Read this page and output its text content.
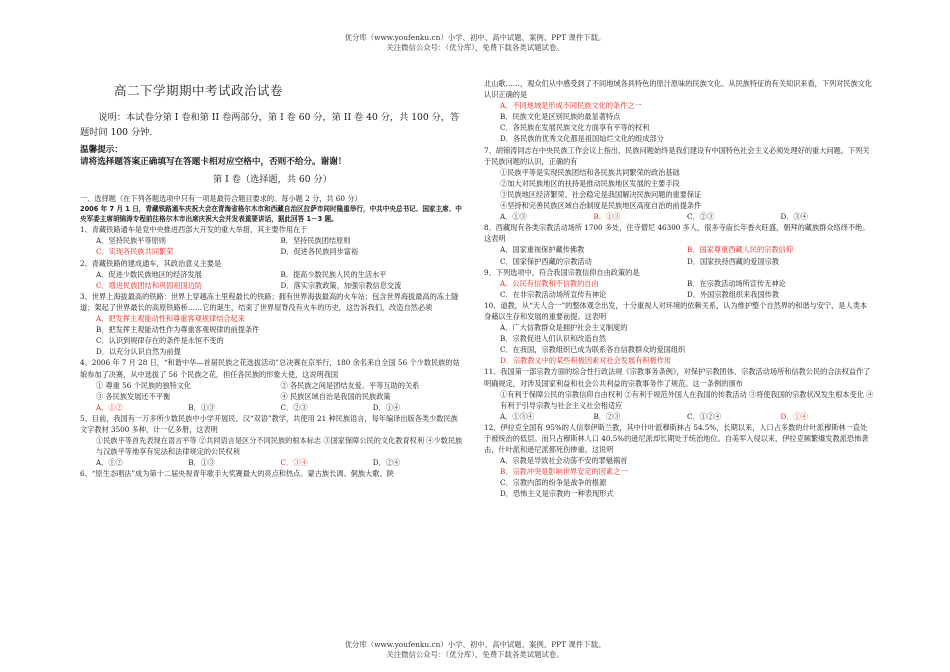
优分库（www.youfenku.cn）小学、初中、高中试题、案例、PPT 课件下载。
关注微信公众号：（优分库），免费下载各类试题试卷。
高二下学期期中考试政治试卷
说明：本试卷分第 I 卷和第 II 卷两部分，第 I 卷 60 分，第 II 卷 40 分，共 100 分，答题时间 100 分钟.
温馨提示：
请将选择题答案正确填写在答题卡相对应空格中，否则不给分。谢谢！
第 I 卷（选择题，共 60 分）
一、选择题（在下列各题选项中只有一项是最符合题目要求的。每小题 2 分，共 60 分）
2006 年 7 月 1 日，青藏铁路通车庆祝大会在青海省格尔木市和西藏自治区拉萨市同时隆重举行，中共中央总书记、国家主席、中央军委主席胡锦涛专程前往格尔木市出席庆祝大会并发表重要讲话，据此回答 1－3 题。
1、青藏铁路通车是党中央推进西部大开发的重大举措，其主要作用在于
A．坚持民族平等原则	B．坚持民族团结原则
C．实现各民族共同繁荣	D．促进各民族同步富裕
2、青藏铁路的建成通车，其政治意义主要是
A．促进少数民族地区的经济发展	B．提高少数民族人民的生活水平
C．增进民族团结和巩固祖国边防	D．落实宗教政策，加强宗教信息交流
3、世界上海拔最高的铁路：世界上穿越冻土里程最长的铁路；拥有世界海拔最高的火车站；包含世界海拔最高的冻土隧道；架起了世界最长的高原铁路桥……它的诞生，结束了世界屋脊没有火车的历史，这告诉我们，改造自然必须
A．把发挥主观能动性和尊重客观规律结合起来
B．把发挥主观能动性作为尊重客观规律的前提条件
C．认识到规律存在的条件是永恒不变的
D．以充分认识自然为前提
4、2006 年 7 月 28 日，“和谐中华—首届民族之花选拔活动”总决赛在京举行，180 余名来自全国 56 个少数民族的姑娘参加了决赛，从中选拔了 56 个民族之花，担任各民族的形象大使，这说明我国
① 尊重 56 个民族的独特文化	② 各民族之间是团结友爱、平等互助的关系
③ 各民族发展还不平衡	④ 民族区域自治是我国的民族政策
A．①②	B．①③	C．②③	D．①④
5、目前，我国有一万多所少数民族中小学开展民、汉“双语”教学，共使用 21 种民族语言，每年编译出版各类少数民族文字教材 3500 多种，计一亿多册，这表明
①民族平等首先表现在语言平等 ②共同语言是区分不同民族的根本标志 ③国家保障公民的文化教育权利 ④少数民族与汉族平等地享有宪法和法律规定的公民权利
A．①②	B．①③	C．③④	D．②④
6、“原生态唱法”成为第十二届央视青年歌手大奖赛最大的亮点和热点。蒙古族长调、侗族大歌、陕
北山歌……，观众们从中感受到了不同地域各具特色的原汁原味的民族文化。从民族特征的有关知识来看，下列对民族文化认识正确的是
A．不同地域是形成不同民族文化的条件之一
B．民族文化是区别民族的最显著特点
C．各民族在发展民族文化方面享有平等的权利
D．各民族的优秀文化都是祖国灿烂文化的组成部分
7、胡锦涛同志在中央民族工作会议上指出，民族问题始终是我们建设有中国特色社会主义必须处理好的重大问题。下列关于民族问题的认识，正确的有
①民族平等是实现民族团结和各民族共同繁荣的政治基础
②加大对民族地区的扶持是推动民族地区发展的主要手段
③民族地区经济繁荣、社会稳定是我国解决民族问题的重要保证
④坚持和完善民族区域自治制度是民族地区高度自治的前提条件
A．①③	B．①③	C．②③	D．③④
8、西藏现有各类宗教活动场所 1700 多处，住寺僧尼 46300 多人，很多寺庙长年香火旺盛，朝拜的藏族群众络绎不绝。这表明
A．国家重视保护藏传佛教	B．国家尊重西藏人民的宗教信仰
C．国家保护西藏的宗教活动	D．国家扶持西藏的爱国宗教
9、下列选项中，符合我国宗教信仰自由政策的是
A．公民有信教和不信教的自由	B．在宗教活动场所宣传无神论
C．在非宗教活动场所宣传有神论	D．外国宗教组织来我国传教
10、道教，从“天人合一”的整体观念出发，十分重视人对环境的依赖关系，认为维护整个自然界的和谐与安宁，是人类本身藉以生存和发展的重要前提。这表明
A．广大信教群众是拥护社会主义制度的
B．宗教促进人们认识和改造自然
C．在我国，宗教组织已成为联系各自信教群众的爱国组织
D．宗教教义中的某些积极因素对社会发展有积极作用
11、我国第一部宗教方面的综合性行政法规《宗教事务条例》，对保护宗教团体、宗教活动场所和信教公民的合法权益作了明确规定，对涉及国家利益和社会公共利益的宗教事务作了规范。这一条例的颁布
①有利于保障公民的宗教信仰自由权利 ②有利于规范外国人在我国的传教活动 ③将使我国的宗教状况发生根本变化 ④有利于引导宗教与社会主义社会相适应
A．①③④	B．②③	C．①②④	D．①④
12、伊拉克全国有 95%的人信奉伊斯兰教，其中什叶派穆斯林占 54.5%，长期以来，人口占多数的什叶派穆斯林一直处于被统治的低层。而只占穆斯林人口 40.5%的逊尼派却长期处于统治地位。自美军入侵以来，伊拉克频繁爆发教派恐怖袭击，什叶派和逊尼派都死伤惨重。这说明
A．宗教是导致社会动荡不安的罪魁祸首
B．宗教冲突是影响世界安定的因素之一
C．宗教内部的纷争是战争的根源
D．恐怖主义是宗教的一种表现形式
优分库（www.youfenku.cn）小学、初中、高中试题、案例、PPT 课件下载。
关注微信公众号：（优分库），免费下载各类试题试卷。
